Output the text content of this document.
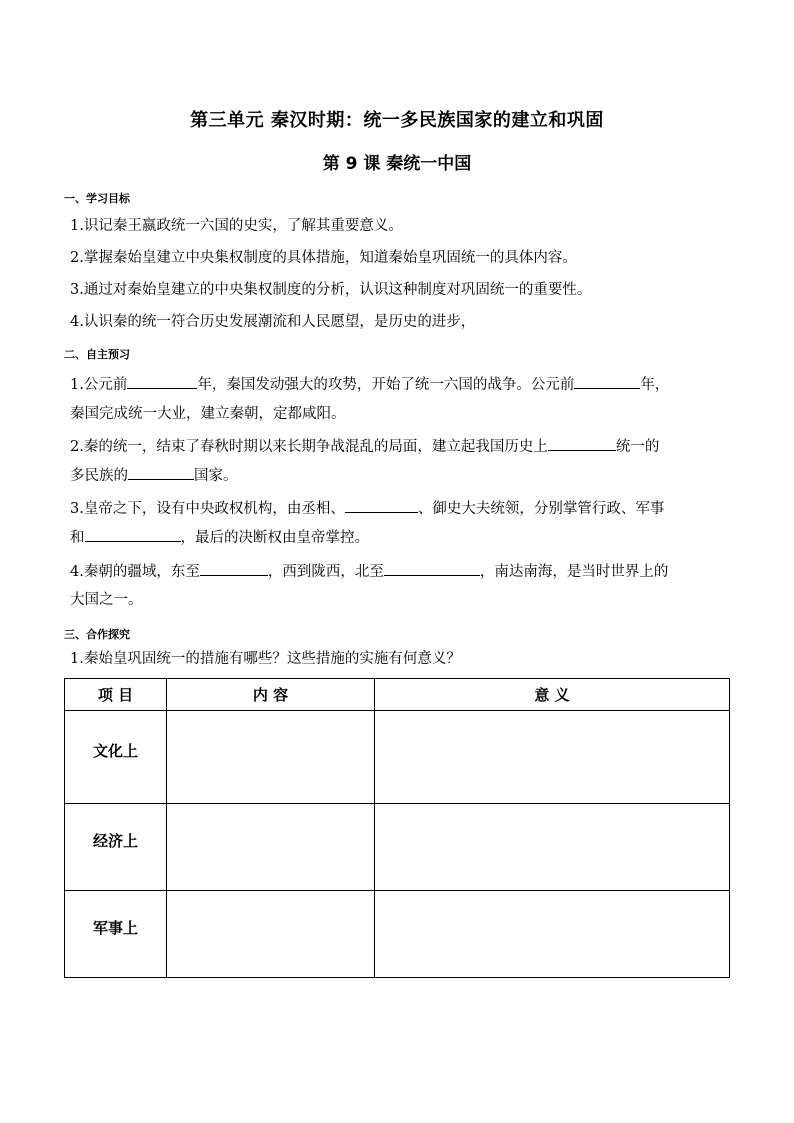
第三单元 秦汉时期：统一多民族国家的建立和巩固
第 9 课 秦统一中国
一、学习目标
1.识记秦王嬴政统一六国的史实，了解其重要意义。
2.掌握秦始皇建立中央集权制度的具体措施，知道秦始皇巩固统一的具体内容。
3.通过对秦始皇建立的中央集权制度的分析，认识这种制度对巩固统一的重要性。
4.认识秦的统一符合历史发展潮流和人民愿望，是历史的进步，
二、自主预习
1.公元前	年，秦国发动强大的攻势，开始了统一六国的战争。公元前	年，
秦国完成统一大业，建立秦朝，定都咸阳。
2.秦的统一，结束了春秋时期以来长期争战混乱的局面，建立起我国历史上	统一的
多民族的	国家。
3.皇帝之下，设有中央政权机构，由丞相、	、御史大夫统领，分别掌管行政、军事
和	，最后的决断权由皇帝掌控。
4.秦朝的疆域，东至	，西到陇西，北至	，南达南海，是当时世界上的
大国之一。
三、合作探究
1.秦始皇巩固统一的措施有哪些？这些措施的实施有何意义？
项 目	内 容	意 义
文化上		
经济上		
军事上		
